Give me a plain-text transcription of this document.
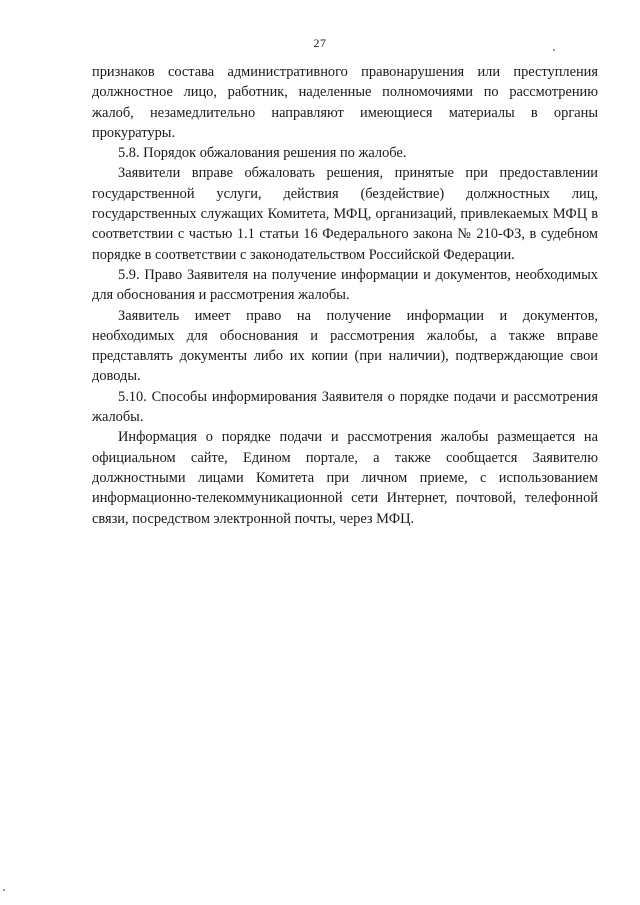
27

признаков состава административного правонарушения или преступления должностное лицо, работник, наделенные полномочиями по рассмотрению жалоб, незамедлительно направляют имеющиеся материалы в органы прокуратуры.

5.8. Порядок обжалования решения по жалобе.

Заявители вправе обжаловать решения, принятые при предоставлении государственной услуги, действия (бездействие) должностных лиц, государственных служащих Комитета, МФЦ, организаций, привлекаемых МФЦ в соответствии с частью 1.1 статьи 16 Федерального закона № 210-ФЗ, в судебном порядке в соответствии с законодательством Российской Федерации.

5.9. Право Заявителя на получение информации и документов, необходимых для обоснования и рассмотрения жалобы.

Заявитель имеет право на получение информации и документов, необходимых для обоснования и рассмотрения жалобы, а также вправе представлять документы либо их копии (при наличии), подтверждающие свои доводы.

5.10. Способы информирования Заявителя о порядке подачи и рассмотрения жалобы.

Информация о порядке подачи и рассмотрения жалобы размещается на официальном сайте, Едином портале, а также сообщается Заявителю должностными лицами Комитета при личном приеме, с использованием информационно-телекоммуникационной сети Интернет, почтовой, телефонной связи, посредством электронной почты, через МФЦ.
